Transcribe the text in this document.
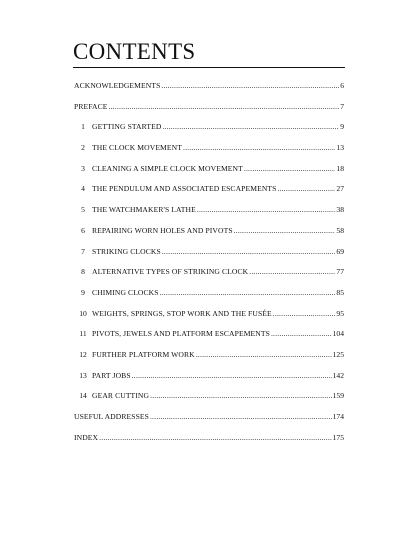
CONTENTS
ACKNOWLEDGEMENTS .....	6
PREFACE .....	7
1 GETTING STARTED .....	9
2 THE CLOCK MOVEMENT .....	13
3 CLEANING A SIMPLE CLOCK MOVEMENT .....	18
4 THE PENDULUM AND ASSOCIATED ESCAPEMENTS .....	27
5 THE WATCHMAKER'S LATHE .....	38
6 REPAIRING WORN HOLES AND PIVOTS .....	58
7 STRIKING CLOCKS .....	69
8 ALTERNATIVE TYPES OF STRIKING CLOCK .....	77
9 CHIMING CLOCKS .....	85
10 WEIGHTS, SPRINGS, STOP WORK AND THE FUSÉE .....	95
11 PIVOTS, JEWELS AND PLATFORM ESCAPEMENTS .....	104
12 FURTHER PLATFORM WORK .....	125
13 PART JOBS .....	142
14 GEAR CUTTING .....	159
USEFUL ADDRESSES .....	174
INDEX .....	175
